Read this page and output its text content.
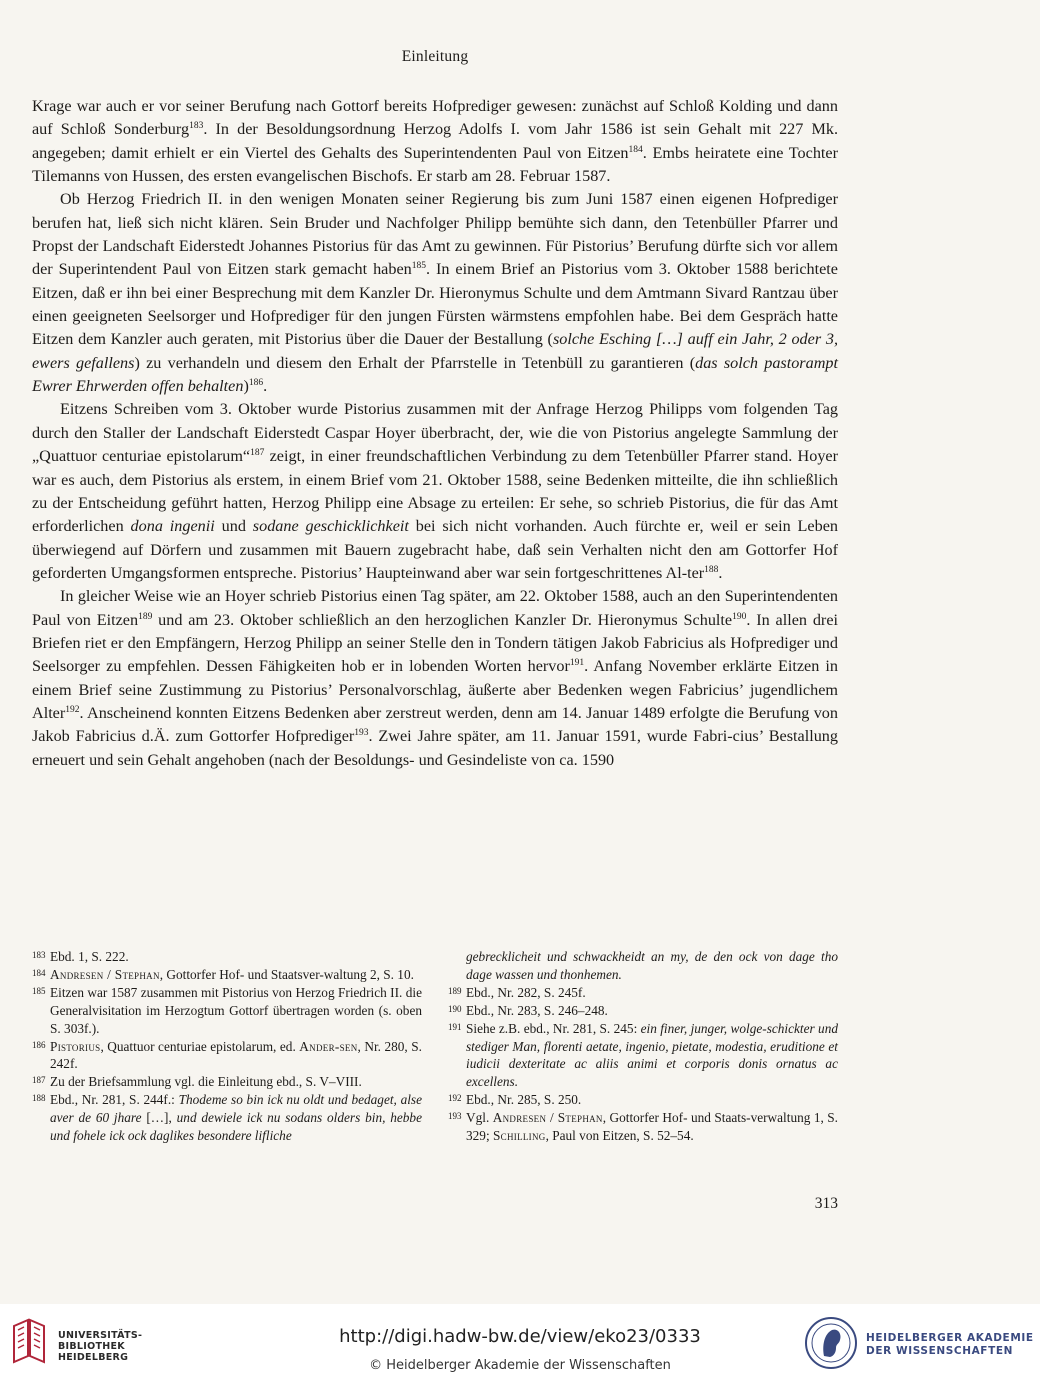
Einleitung

Krage war auch er vor seiner Berufung nach Gottorf bereits Hofprediger gewesen: zunächst auf Schloß Kolding und dann auf Schloß Sonderburg$^{183}$. In der Besoldungsordnung Herzog Adolfs I. vom Jahr 1586 ist sein Gehalt mit 227 Mk. angegeben; damit erhielt er ein Viertel des Gehalts des Superintendenten Paul von Eitzen$^{184}$. Embs heiratete eine Tochter Tilemanns von Hussen, des ersten evangelischen Bischofs. Er starb am 28. Februar 1587.

Ob Herzog Friedrich II. in den wenigen Monaten seiner Regierung bis zum Juni 1587 einen eigenen Hofprediger berufen hat, ließ sich nicht klären. Sein Bruder und Nachfolger Philipp bemühte sich dann, den Tetenbüller Pfarrer und Propst der Landschaft Eiderstedt Johannes Pistorius für das Amt zu gewinnen. Für Pistorius’ Berufung dürfte sich vor allem der Superintendent Paul von Eitzen stark gemacht haben$^{185}$. In einem Brief an Pistorius vom 3. Oktober 1588 berichtete Eitzen, daß er ihn bei einer Besprechung mit dem Kanzler Dr. Hieronymus Schulte und dem Amtmann Sivard Rantzau über einen geeigneten Seelsorger und Hofprediger für den jungen Fürsten wärmstens empfohlen habe. Bei dem Gespräch hatte Eitzen dem Kanzler auch geraten, mit Pistorius über die Dauer der Bestallung (solche Esching […] auff ein Jahr, 2 oder 3, ewers gefallens) zu verhandeln und diesem den Erhalt der Pfarrstelle in Tetenbüll zu garantieren (das solch pastorampt Ewrer Ehrwerden offen behalten)$^{186}$.

Eitzens Schreiben vom 3. Oktober wurde Pistorius zusammen mit der Anfrage Herzog Philipps vom folgenden Tag durch den Staller der Landschaft Eiderstedt Caspar Hoyer überbracht, der, wie die von Pistorius angelegte Sammlung der „Quattuor centuriae epistolarum“$^{187}$ zeigt, in einer freundschaftlichen Verbindung zu dem Tetenbüller Pfarrer stand. Hoyer war es auch, dem Pistorius als erstem, in einem Brief vom 21. Oktober 1588, seine Bedenken mitteilte, die ihn schließlich zu der Entscheidung geführt hatten, Herzog Philipp eine Absage zu erteilen: Er sehe, so schrieb Pistorius, die für das Amt erforderlichen dona ingenii und sodane geschicklichkeit bei sich nicht vorhanden. Auch fürchte er, weil er sein Leben überwiegend auf Dörfern und zusammen mit Bauern zugebracht habe, daß sein Verhalten nicht den am Gottorfer Hof geforderten Umgangsformen entspreche. Pistorius’ Haupteinwand aber war sein fortgeschrittenes Al-ter$^{188}$.

In gleicher Weise wie an Hoyer schrieb Pistorius einen Tag später, am 22. Oktober 1588, auch an den Superintendenten Paul von Eitzen$^{189}$ und am 23. Oktober schließlich an den herzoglichen Kanzler Dr. Hieronymus Schulte$^{190}$. In allen drei Briefen riet er den Empfängern, Herzog Philipp an seiner Stelle den in Tondern tätigen Jakob Fabricius als Hofprediger und Seelsorger zu empfehlen. Dessen Fähigkeiten hob er in lobenden Worten hervor$^{191}$. Anfang November erklärte Eitzen in einem Brief seine Zustimmung zu Pistorius’ Personalvorschlag, äußerte aber Bedenken wegen Fabricius’ jugendlichem Alter$^{192}$. Anscheinend konnten Eitzens Bedenken aber zerstreut werden, denn am 14. Januar 1489 erfolgte die Berufung von Jakob Fabricius d.Ä. zum Gottorfer Hofprediger$^{193}$. Zwei Jahre später, am 11. Januar 1591, wurde Fabri-cius’ Bestallung erneuert und sein Gehalt angehoben (nach der Besoldungs- und Gesindeliste von ca. 1590

183 Ebd. 1, S. 222.

184 Andresen / Stephan, Gottorfer Hof- und Staatsver-waltung 2, S. 10.

185 Eitzen war 1587 zusammen mit Pistorius von Herzog Friedrich II. die Generalvisitation im Herzogtum Gottorf übertragen worden (s. oben S. 303f.).

186 Pistorius, Quattuor centuriae epistolarum, ed. Ander-sen, Nr. 280, S. 242f.

187 Zu der Briefsammlung vgl. die Einleitung ebd., S. V–VIII.

188 Ebd., Nr. 281, S. 244f.: Thodeme so bin ick nu oldt und bedaget, alse aver de 60 jhare […], und dewiele ick nu sodans olders bin, hebbe und fohele ick ock daglikes besondere lifliche

gebrecklicheit und schwackheidt an my, de den ock von dage tho dage wassen und thonhemen.

189 Ebd., Nr. 282, S. 245f.

190 Ebd., Nr. 283, S. 246–248.

191 Siehe z.B. ebd., Nr. 281, S. 245: ein finer, junger, wolge-schickter und stediger Man, florenti aetate, ingenio, pietate, modestia, eruditione et iudicii dexteritate ac aliis animi et corporis donis ornatus ac excellens.

192 Ebd., Nr. 285, S. 250.

193 Vgl. Andresen / Stephan, Gottorfer Hof- und Staats-verwaltung 1, S. 329; Schilling, Paul von Eitzen, S. 52–54.

313
UNIVERSITÄTS-
BIBLIOTHEK
HEIDELBERG
http://digi.hadw-bw.de/view/eko23/0333
© Heidelberger Akademie der Wissenschaften
HEIDELBERGER AKADEMIE
DER WISSENSCHAFTEN
